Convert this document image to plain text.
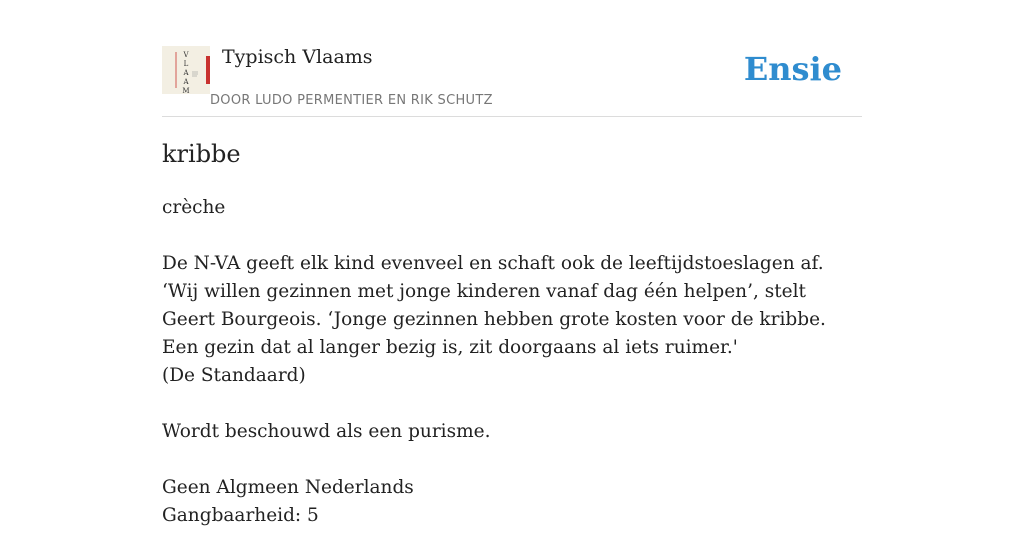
V
L
A
A
M
Typisch Vlaams
DOOR LUDO PERMENTIER EN RIK SCHUTZ
Ensie
kribbe

crèche

De N-VA geeft elk kind evenveel en schaft ook de leeftijdstoeslagen af. ‘Wij willen gezinnen met jonge kinderen vanaf dag één helpen’, stelt Geert Bourgeois. ‘Jonge gezinnen hebben grote kosten voor de kribbe. Een gezin dat al langer bezig is, zit doorgaans al iets ruimer.'
(De Standaard)

Wordt beschouwd als een purisme.

Geen Algmeen Nederlands
Gangbaarheid: 5
